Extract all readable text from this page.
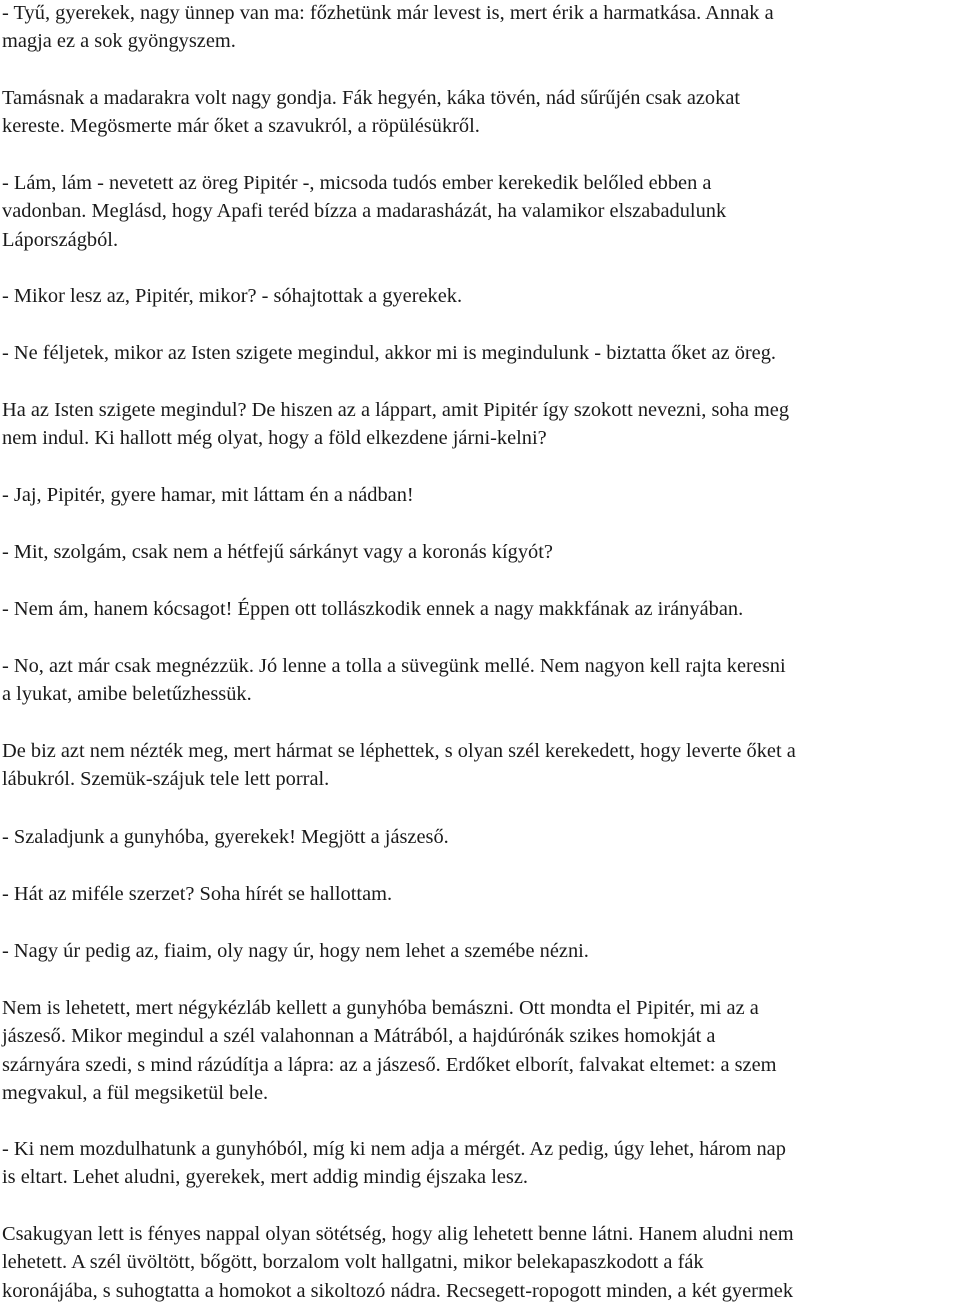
- Tyű, gyerekek, nagy ünnep van ma: főzhetünk már levest is, mert érik a harmatkása. Annak a
magja ez a sok gyöngyszem.

Tamásnak a madarakra volt nagy gondja. Fák hegyén, káka tövén, nád sűrűjén csak azokat
kereste. Megösmerte már őket a szavukról, a röpülésükről.

- Lám, lám - nevetett az öreg Pipitér -, micsoda tudós ember kerekedik belőled ebben a
vadonban. Meglásd, hogy Apafi teréd bízza a madarasházát, ha valamikor elszabadulunk
Lápországból.

- Mikor lesz az, Pipitér, mikor? - sóhajtottak a gyerekek.

- Ne féljetek, mikor az Isten szigete megindul, akkor mi is megindulunk - biztatta őket az öreg.

Ha az Isten szigete megindul? De hiszen az a láppart, amit Pipitér így szokott nevezni, soha meg
nem indul. Ki hallott még olyat, hogy a föld elkezdene járni-kelni?

- Jaj, Pipitér, gyere hamar, mit láttam én a nádban!

- Mit, szolgám, csak nem a hétfejű sárkányt vagy a koronás kígyót?

- Nem ám, hanem kócsagot! Éppen ott tollászkodik ennek a nagy makkfának az irányában.

- No, azt már csak megnézzük. Jó lenne a tolla a süvegünk mellé. Nem nagyon kell rajta keresni
a lyukat, amibe beletűzhessük.

De biz azt nem nézték meg, mert hármat se léphettek, s olyan szél kerekedett, hogy leverte őket a
lábukról. Szemük-szájuk tele lett porral.

- Szaladjunk a gunyhóba, gyerekek! Megjött a jászeső.

- Hát az miféle szerzet? Soha hírét se hallottam.

- Nagy úr pedig az, fiaim, oly nagy úr, hogy nem lehet a szemébe nézni.

Nem is lehetett, mert négykézláb kellett a gunyhóba bemászni. Ott mondta el Pipitér, mi az a
jászeső. Mikor megindul a szél valahonnan a Mátrából, a hajdúrónák szikes homokját a
szárnyára szedi, s mind rázúdítja a lápra: az a jászeső. Erdőket elborít, falvakat eltemet: a szem
megvakul, a fül megsiketül bele.

- Ki nem mozdulhatunk a gunyhóból, míg ki nem adja a mérgét. Az pedig, úgy lehet, három nap
is eltart. Lehet aludni, gyerekek, mert addig mindig éjszaka lesz.

Csakugyan lett is fényes nappal olyan sötétség, hogy alig lehetett benne látni. Hanem aludni nem
lehetett. A szél üvöltött, bőgött, borzalom volt hallgatni, mikor belekapaszkodott a fák
koronájába, s suhogtatta a homokot a sikoltozó nádra. Recsegett-ropogott minden, a két gyermek
